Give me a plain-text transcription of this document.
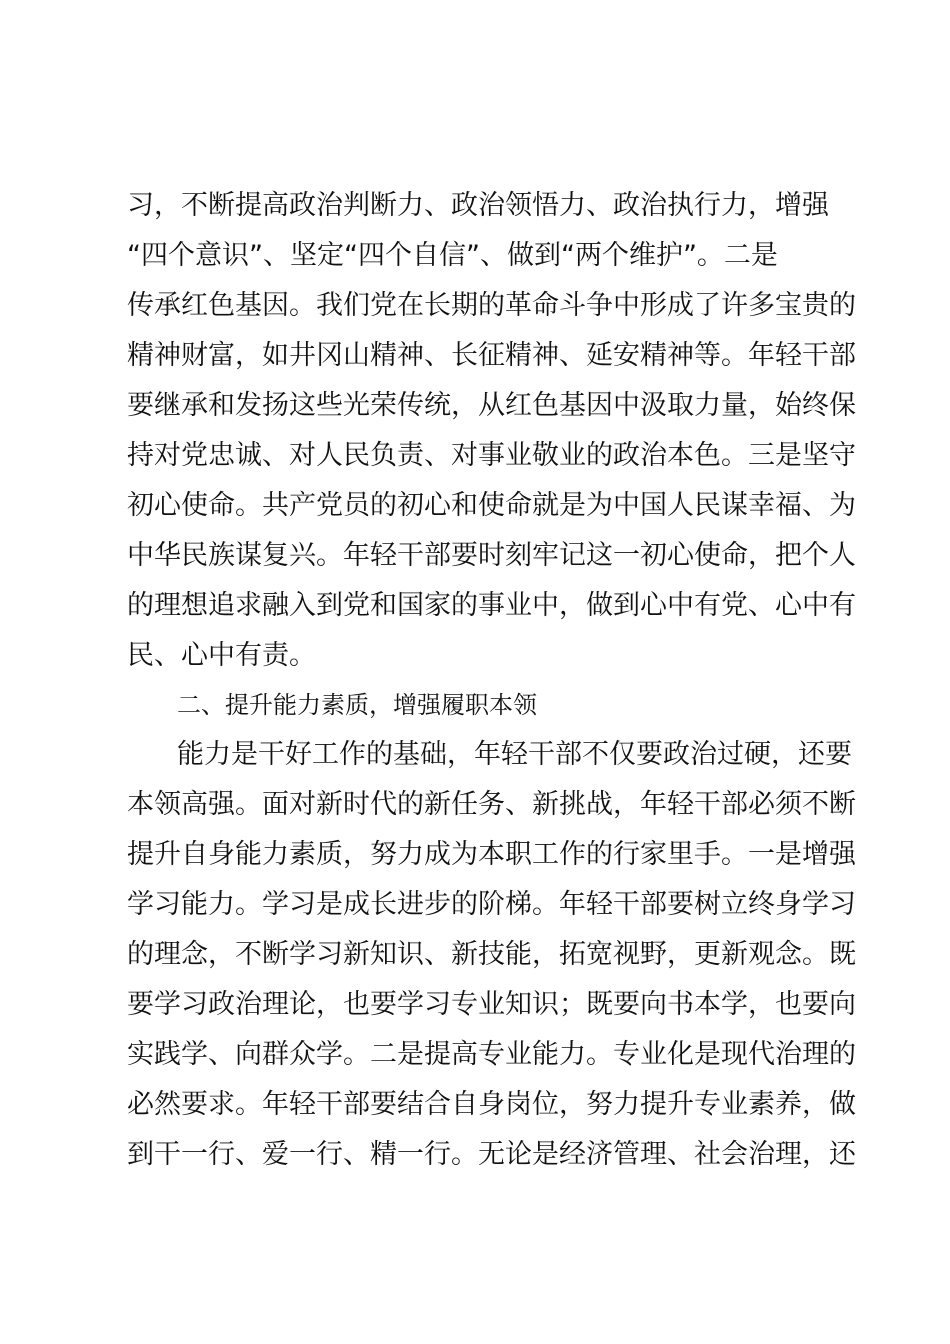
习，不断提高政治判断力、政治领悟力、政治执行力，增强
“四个意识”、坚定“四个自信”、做到“两个维护”。二是
传承红色基因。我们党在长期的革命斗争中形成了许多宝贵的
精神财富，如井冈山精神、长征精神、延安精神等。年轻干部
要继承和发扬这些光荣传统，从红色基因中汲取力量，始终保
持对党忠诚、对人民负责、对事业敬业的政治本色。三是坚守
初心使命。共产党员的初心和使命就是为中国人民谋幸福、为
中华民族谋复兴。年轻干部要时刻牢记这一初心使命，把个人
的理想追求融入到党和国家的事业中，做到心中有党、心中有
民、心中有责。
二、提升能力素质，增强履职本领
能力是干好工作的基础，年轻干部不仅要政治过硬，还要
本领高强。面对新时代的新任务、新挑战，年轻干部必须不断
提升自身能力素质，努力成为本职工作的行家里手。一是增强
学习能力。学习是成长进步的阶梯。年轻干部要树立终身学习
的理念，不断学习新知识、新技能，拓宽视野，更新观念。既
要学习政治理论，也要学习专业知识；既要向书本学，也要向
实践学、向群众学。二是提高专业能力。专业化是现代治理的
必然要求。年轻干部要结合自身岗位，努力提升专业素养，做
到干一行、爱一行、精一行。无论是经济管理、社会治理，还
